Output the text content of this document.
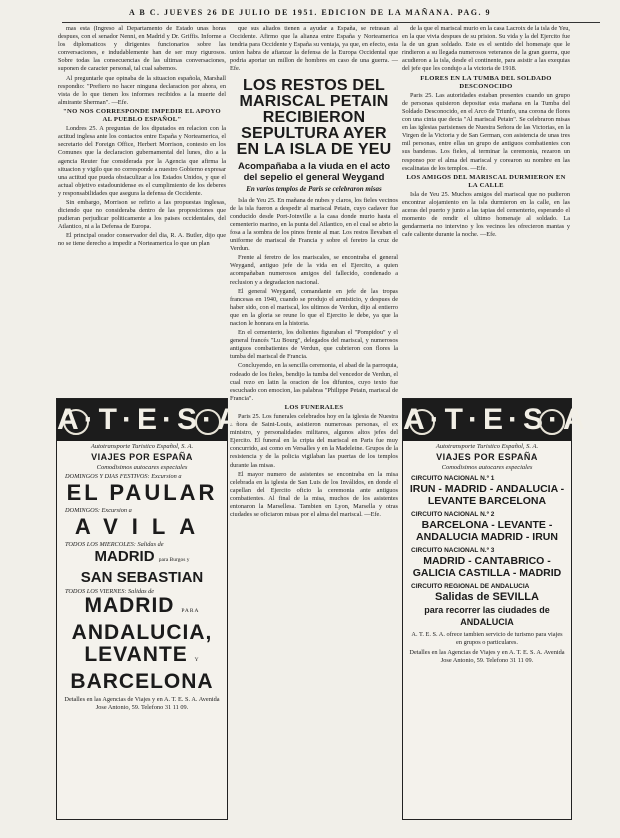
A B C. JUEVES 26 DE JULIO DE 1951. EDICION DE LA MAÑANA. PAG. 9

mas esta (Ingreso al Departamento de Estado unas horas despues, con el senador Nenni, en Madrid y Dr. Griffis. Informe a los diplomaticos y dirigentes funcionarios sobre las conversaciones, e indudablemente han de ser muy rigurosos. Sobre todas las consecuencias de las ultimas conversaciones, suponen de caracter personal, tal cual sabemos.

Al preguntarle que opinaba de la situacion española, Marshall respondio: "Prefiero no hacer ninguna declaracion por ahora, en vista de lo que tienen los informes recibidos a la muerte del almirante Sherman". —Efe.

"NO NOS CORRESPONDE IMPEDIR EL APOYO AL PUEBLO ESPAÑOL"

Londres 25. A preguntas de los diputados en relacion con la actitud inglesa ante los contactos entre España y Norteamerica, el secretario del Foreign Office, Herbert Morrison, contesto en los Comunes que la declaracion gubernamental del lunes, dio a la agencia Reuter fue considerada por la Agencia que afirma la situacion y vigilo que no corresponde a nuestro Gobierno expresar una actitud que pueda obstaculizar a los Estados Unidos, y que el actual objetivo estadounidense es el cumplimiento de los deberes y responsabilidades que asegura la defensa de Occidente.

Sin embargo, Morrison se refirio a las propuestas inglesas, diciendo que no consideraba dentro de las proposiciones que pudieran perjudicar politicamente a los paises occidentales, del Atlantico, ni a la Defensa de Europa.

El principal orador conservador del dia, R. A. Butler, dijo que no se tiene derecho a impedir a Norteamerica lo que un plan

que sus aliados tienen a ayudar a España, se retrasan al Occidente. Afirmo que la alianza entre España y Norteamerica tendria para Occidente y España su ventaja, ya que, en efecto, esta union habra de afianzar la defensa de la Europa Occidental que podria aportar un millon de hombres en caso de una guerra. —Efe.

LOS RESTOS DEL MARISCAL PETAIN RECIBIERON SEPULTURA AYER EN LA ISLA DE YEU
Acompañaba a la viuda en el acto del sepelio el general Weygand
En varios templos de Paris se celebraron misas

Isla de Yeu 25. En mañana de nubes y claros, los fieles vecinos de la isla fueron a despedir al mariscal Petain, cuyo cadaver fue conducido desde Port-Joinville a la casa donde murio hasta el cementerio marino, en la punta del Atlantico, en el cual se abrio la fosa a la sombra de los pinos frente al mar. Los restos llevaban el uniforme de mariscal de Francia y sobre el feretro la cruz de Verdun.

Frente al feretro de los mariscales, se encontraba el general Weygand, antiguo jefe de la vida en el Ejercito, a quien acompañaban numerosos amigos del fallecido, condenado a reclusion y a degradacion nacional.

El general Weygand, comandante en jefe de las tropas francesas en 1940, cuando se produjo el armisticio, y despues de haber sido, con el mariscal, los ultimos de Verdun, dijo al entierro que en la gloria se reune lo que el Ejercito le debe, ya que la nacion le honrara en la historia.

En el cementerio, los dolientes figuraban el "Pompidou" y el general francés "Lu Bourg", delegados del mariscal, y numerosos antiguos combatientes de Verdun, que cubrieron con flores la tumba del mariscal de Francia.

Concluyendo, en la sencilla ceremonia, el abad de la parroquia, rodeado de los fieles, bendijo la tumba del vencedor de Verdun, el cual rezo en latin la oracion de los difuntos, cuyo texto fue escuchado con emocion, las palabras "Philippe Petain, mariscal de Francia".

LOS FUNERALES

Paris 25. Los funerales celebrados hoy en la iglesia de Nuestra Señora de Saint-Louis, asistieron numerosas personas, el ex ministro, y personalidades militares, algunos altos jefes del Ejercito. El funeral en la cripta del mariscal en Paris fue muy concurrido, asi como en Versalles y en la Madeleine. Grupos de la resistencia y de la policia vigilaban las puertas de los templos durante las misas.

El mayor numero de asistentes se encontraba en la misa celebrada en la iglesia de San Luis de los Inválidos, en donde el capellan del Ejercito oficio la ceremonia ante antiguos combatientes. Al final de la misa, muchos de los asistentes entonaron la Marsellesa. Tambien en Lyon, Marsella y otras ciudades se oficiaron misas por el alma del mariscal. —Efe.

de la que el mariscal murio en la casa Lacroix de la isla de Yeu, en la que vivia despues de su prision. Su vida y la del Ejercito fue la de un gran soldado. Este es el sentido del homenaje que le rindieron a su llegada numerosos veteranos de la gran guerra, que acudieron a la isla, desde el continente, para asistir a las exequias del jefe que les condujo a la victoria de 1918.

FLORES EN LA TUMBA DEL SOLDADO DESCONOCIDO

Paris 25. Las autoridades estaban presentes cuando un grupo de personas quisieron depositar esta mañana en la Tumba del Soldado Desconocido, en el Arco de Triunfo, una corona de flores con una cinta que decia "Al mariscal Petain". Se celebraron misas en las iglesias parisienses de Nuestra Señora de las Victorias, en la Virgen de la Victoria y de San German, con asistencia de unas tres mil personas, entre ellas un grupo de antiguos combatientes con sus banderas. Los fieles, al terminar la ceremonia, rezaron un responso por el alma del mariscal y corearon su nombre en las escalinatas de los templos. —Efe.

LOS AMIGOS DEL MARISCAL DURMIERON EN LA CALLE

Isla de Yeu 25. Muchos amigos del mariscal que no pudieron encontrar alojamiento en la isla durmieron en la calle, en las aceras del puerto y junto a las tapias del cementerio, esperando el momento de rendir el ultimo homenaje al soldado. La gendarmeria no intervino y los vecinos les ofrecieron mantas y cafe caliente durante la noche. —Efe.

A·T·E·S·A
Autotransporte Turistico Español, S. A.
VIAJES POR ESPAÑA
Comodisimos autocares especiales
DOMINGOS Y DIAS FESTIVOS: Excursion a
EL PAULAR
DOMINGOS: Excursion a
AVILA
TODOS LOS MIERCOLES: Salidas de
MADRID para Burgos y
SAN SEBASTIAN
TODOS LOS VIERNES: Salidas de
MADRID PARA
ANDALUCIA,
LEVANTE Y
BARCELONA
Detalles en las Agencias de Viajes y en A. T. E. S. A. Avenida Jose Antonio, 59. Telefono 31 11 09.
A·T·E·S·A
Autotransporte Turistico Español, S. A.
VIAJES POR ESPAÑA
Comodisimos autocares especiales
CIRCUITO NACIONAL N.º 1
IRUN - MADRID - ANDALUCIA - LEVANTE BARCELONA
CIRCUITO NACIONAL N.º 2
BARCELONA - LEVANTE - ANDALUCIA MADRID - IRUN
CIRCUITO NACIONAL N.º 3
MADRID - CANTABRICO - GALICIA CASTILLA - MADRID
CIRCUITO REGIONAL DE ANDALUCIA
Salidas de SEVILLA
para recorrer las ciudades de ANDALUCIA
A. T. E. S. A. ofrece tambien servicio de turismo para viajes en grupos o particulares.
Detalles en las Agencias de Viajes y en A. T. E. S. A. Avenida Jose Antonio, 59. Telefono 31 11 09.
